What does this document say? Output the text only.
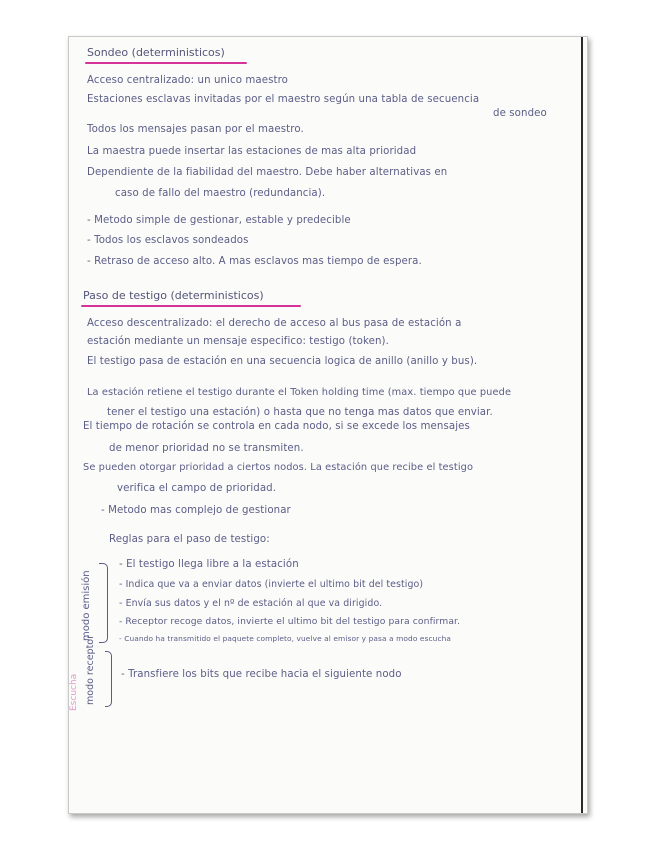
Sondeo (deterministicos)
Acceso centralizado: un unico maestro
Estaciones esclavas invitadas por el maestro según una tabla de secuencia
de sondeo
Todos los mensajes pasan por el maestro.
La maestra puede insertar las estaciones de mas alta prioridad
Dependiente de la fiabilidad del maestro. Debe haber alternativas en
caso de fallo del maestro (redundancia).
- Metodo simple de gestionar, estable y predecible
- Todos los esclavos sondeados
- Retraso de acceso alto. A mas esclavos mas tiempo de espera.
Paso de testigo (deterministicos)
Acceso descentralizado: el derecho de acceso al bus pasa de estación a
estación mediante un mensaje especifico: testigo (token).
El testigo pasa de estación en una secuencia logica de anillo (anillo y bus).
La estación retiene el testigo durante el Token holding time (max. tiempo que puede
tener el testigo una estación) o hasta que no tenga mas datos que enviar.
El tiempo de rotación se controla en cada nodo, si se excede los mensajes
de menor prioridad no se transmiten.
Se pueden otorgar prioridad a ciertos nodos. La estación que recibe el testigo
verifica el campo de prioridad.
- Metodo mas complejo de gestionar
Reglas para el paso de testigo:
modo emisión
- El testigo llega libre a la estación
- Indica que va a enviar datos (invierte el ultimo bit del testigo)
- Envía sus datos y el nº de estación al que va dirigido.
- Receptor recoge datos, invierte el ultimo bit del testigo para confirmar.
- Cuando ha transmitido el paquete completo, vuelve al emisor y pasa a modo escucha
Escucha modo receptor - Transfiere los bits que recibe hacia el siguiente nodo
